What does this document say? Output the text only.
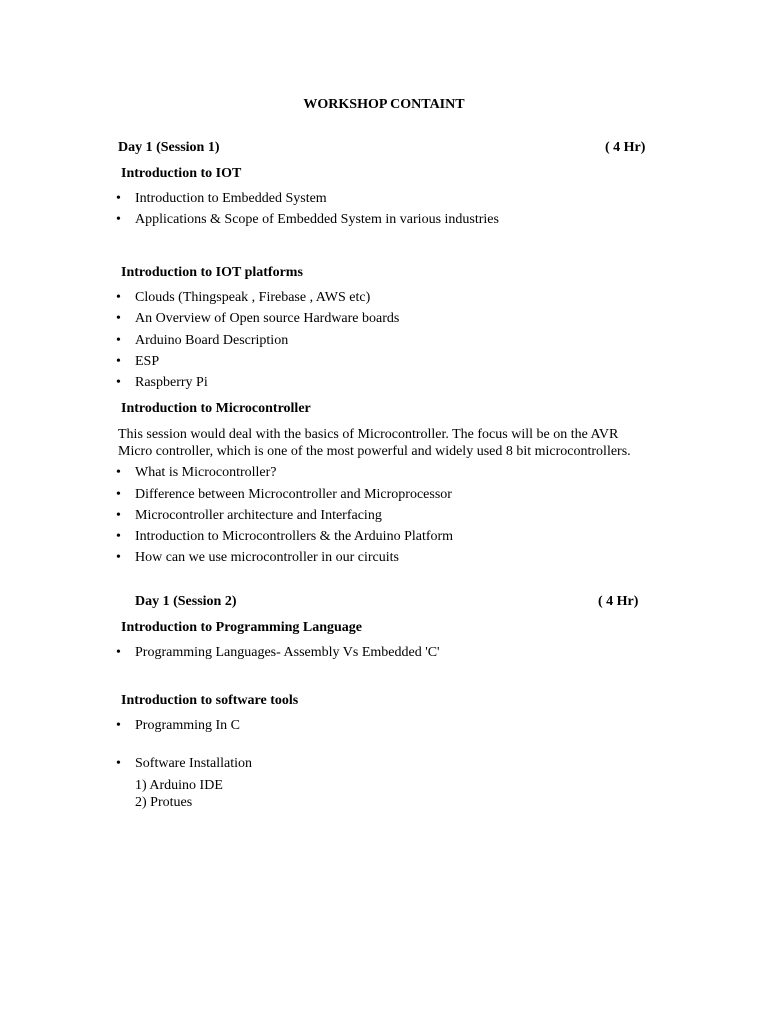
WORKSHOP CONTAINT
Day 1 (Session 1)	( 4 Hr)
Introduction to IOT
• Introduction to Embedded System
• Applications & Scope of Embedded System in various industries
Introduction to IOT platforms
• Clouds (Thingspeak , Firebase , AWS etc)
• An Overview of Open source Hardware boards
• Arduino Board Description
• ESP
• Raspberry Pi
Introduction to Microcontroller
This session would deal with the basics of Microcontroller. The focus will be on the AVR
Micro controller, which is one of the most powerful and widely used 8 bit microcontrollers.
• What is Microcontroller?
• Difference between Microcontroller and Microprocessor
• Microcontroller architecture and Interfacing
• Introduction to Microcontrollers & the Arduino Platform
• How can we use microcontroller in our circuits
Day 1 (Session 2)	( 4 Hr)
Introduction to Programming Language
• Programming Languages- Assembly Vs Embedded 'C'
Introduction to software tools
• Programming In C
• Software Installation
1) Arduino IDE
2) Protues
